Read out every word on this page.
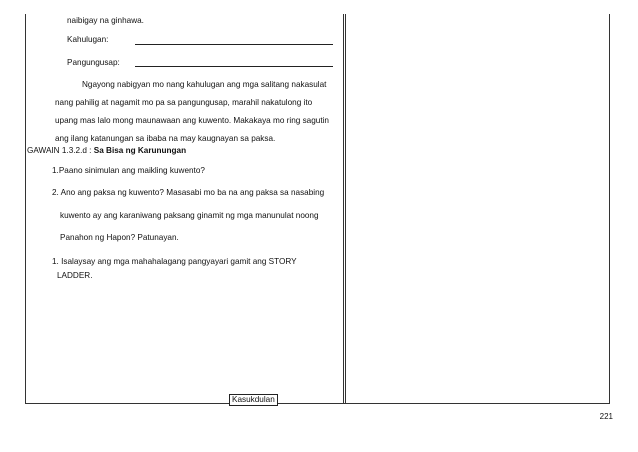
naibigay na ginhawa.
Kahulugan:
Pangungusap:
Ngayong nabigyan mo nang kahulugan ang mga salitang nakasulat
nang pahilig at nagamit mo pa sa pangungusap, marahil nakatulong ito
upang mas lalo mong maunawaan ang kuwento. Makakaya mo ring sagutin
ang ilang katanungan sa ibaba na may kaugnayan sa paksa.
GAWAIN 1.3.2.d : Sa Bisa ng Karunungan
1.Paano sinimulan ang maikling kuwento?
2. Ano ang paksa ng kuwento? Masasabi mo ba na ang paksa sa nasabing
kuwento ay ang karaniwang paksang ginamit ng mga manunulat noong
Panahon ng Hapon? Patunayan.
1. Isalaysay ang mga mahahalagang pangyayari gamit ang STORY
LADDER.
Kasukdulan
221
